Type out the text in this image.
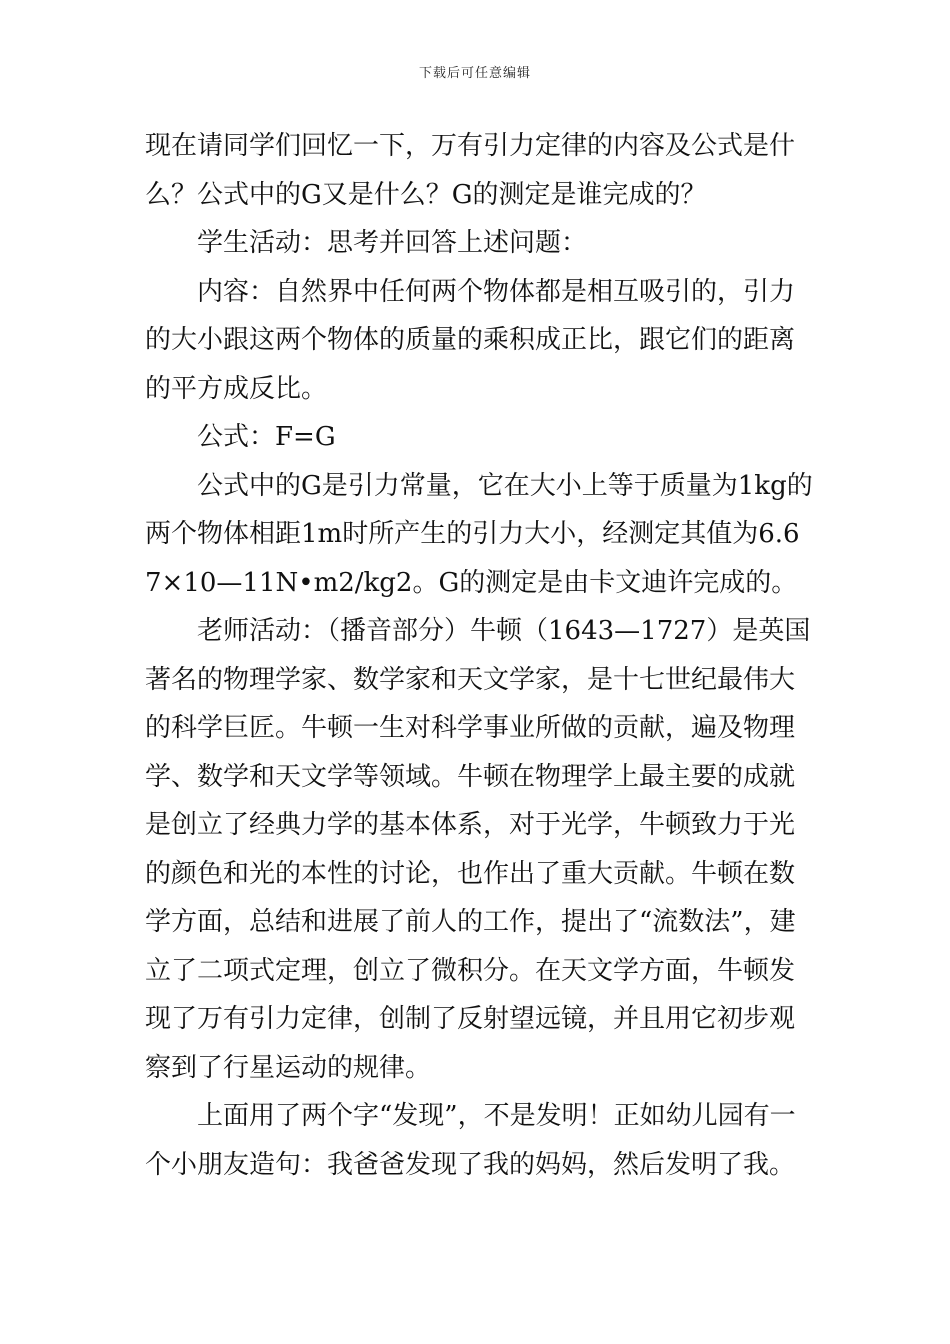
下载后可任意编辑

现在请同学们回忆一下，万有引力定律的内容及公式是什么？公式中的G又是什么？G的测定是谁完成的？

学生活动：思考并回答上述问题：

内容：自然界中任何两个物体都是相互吸引的，引力的大小跟这两个物体的质量的乘积成正比，跟它们的距离的平方成反比。

公式：F=G

公式中的G是引力常量，它在大小上等于质量为1kg的两个物体相距1m时所产生的引力大小，经测定其值为6.67×10—11N•m2/kg2。G的测定是由卡文迪许完成的。

老师活动：（播音部分）牛顿（1643—1727）是英国著名的物理学家、数学家和天文学家，是十七世纪最伟大的科学巨匠。牛顿一生对科学事业所做的贡献，遍及物理学、数学和天文学等领域。牛顿在物理学上最主要的成就是创立了经典力学的基本体系，对于光学，牛顿致力于光的颜色和光的本性的讨论，也作出了重大贡献。牛顿在数学方面，总结和进展了前人的工作，提出了“流数法”，建立了二项式定理，创立了微积分。在天文学方面，牛顿发现了万有引力定律，创制了反射望远镜，并且用它初步观察到了行星运动的规律。

上面用了两个字“发现”，不是发明！正如幼儿园有一个小朋友造句：我爸爸发现了我的妈妈，然后发明了我。
